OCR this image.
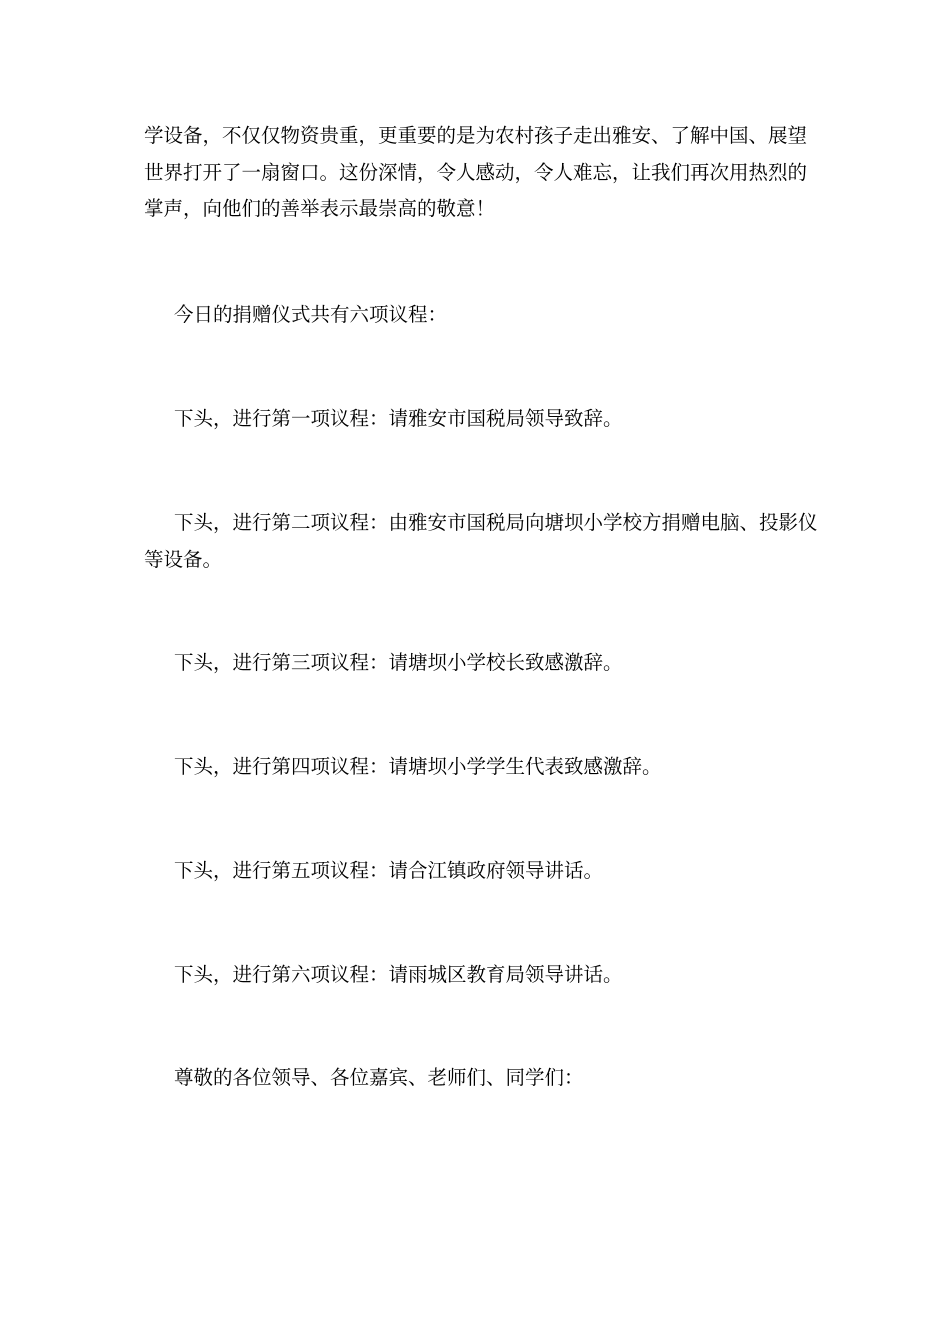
学设备，不仅仅物资贵重，更重要的是为农村孩子走出雅安、了解中国、展望
世界打开了一扇窗口。这份深情，令人感动，令人难忘，让我们再次用热烈的
掌声，向他们的善举表示最崇高的敬意！

今日的捐赠仪式共有六项议程：

下头，进行第一项议程：请雅安市国税局领导致辞。

下头，进行第二项议程：由雅安市国税局向塘坝小学校方捐赠电脑、投影仪
等设备。

下头，进行第三项议程：请塘坝小学校长致感激辞。

下头，进行第四项议程：请塘坝小学学生代表致感激辞。

下头，进行第五项议程：请合江镇政府领导讲话。

下头，进行第六项议程：请雨城区教育局领导讲话。

尊敬的各位领导、各位嘉宾、老师们、同学们：
